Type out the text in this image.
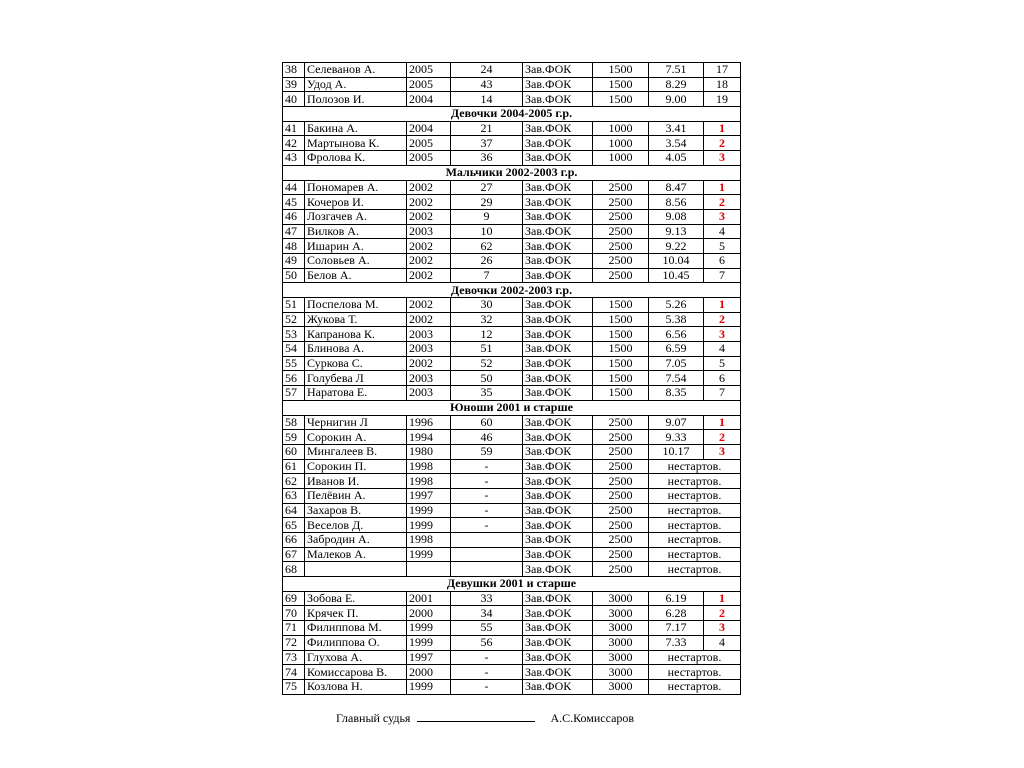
38	Селеванов А.	2005	24	Зав.ФОК	1500	7.51	17
39	Удод А.	2005	43	Зав.ФОК	1500	8.29	18
40	Полозов И.	2004	14	Зав.ФОК	1500	9.00	19
Девочки 2004-2005 г.р.							
41	Бакина А.	2004	21	Зав.ФОК	1000	3.41	1
42	Мартынова К.	2005	37	Зав.ФОК	1000	3.54	2
43	Фролова К.	2005	36	Зав.ФОК	1000	4.05	3
Мальчики 2002-2003 г.р.							
44	Пономарев А.	2002	27	Зав.ФОК	2500	8.47	1
45	Кочеров И.	2002	29	Зав.ФОК	2500	8.56	2
46	Лозгачев А.	2002	9	Зав.ФОК	2500	9.08	3
47	Вилков А.	2003	10	Зав.ФОК	2500	9.13	4
48	Ишарин А.	2002	62	Зав.ФОК	2500	9.22	5
49	Соловьев А.	2002	26	Зав.ФОК	2500	10.04	6
50	Белов А.	2002	7	Зав.ФОК	2500	10.45	7
Девочки 2002-2003 г.р.							
51	Поспелова М.	2002	30	Зав.ФОК	1500	5.26	1
52	Жукова Т.	2002	32	Зав.ФОК	1500	5.38	2
53	Капранова К.	2003	12	Зав.ФОК	1500	6.56	3
54	Блинова А.	2003	51	Зав.ФОК	1500	6.59	4
55	Суркова С.	2002	52	Зав.ФОК	1500	7.05	5
56	Голубева Л	2003	50	Зав.ФОК	1500	7.54	6
57	Наратова Е.	2003	35	Зав.ФОК	1500	8.35	7
Юноши 2001 и старше							
58	Чернигин Л	1996	60	Зав.ФОК	2500	9.07	1
59	Сорокин А.	1994	46	Зав.ФОК	2500	9.33	2
60	Мингалеев В.	1980	59	Зав.ФОК	2500	10.17	3
61	Сорокин П.	1998	-	Зав.ФОК	2500	нестартов.	
62	Иванов И.	1998	-	Зав.ФОК	2500	нестартов.	
63	Пелёвин А.	1997	-	Зав.ФОК	2500	нестартов.	
64	Захаров В.	1999	-	Зав.ФОК	2500	нестартов.	
65	Веселов Д.	1999	-	Зав.ФОК	2500	нестартов.	
66	Забродин А.	1998		Зав.ФОК	2500	нестартов.	
67	Малеков А.	1999		Зав.ФОК	2500	нестартов.	
68				Зав.ФОК	2500	нестартов.	
Девушки 2001 и старше							
69	Зобова Е.	2001	33	Зав.ФОК	3000	6.19	1
70	Крячек П.	2000	34	Зав.ФОК	3000	6.28	2
71	Филиппова М.	1999	55	Зав.ФОК	3000	7.17	3
72	Филиппова О.	1999	56	Зав.ФОК	3000	7.33	4
73	Глухова А.	1997	-	Зав.ФОК	3000	нестартов.	
74	Комиссарова В.	2000	-	Зав.ФОК	3000	нестартов.	
75	Козлова Н.	1999	-	Зав.ФОК	3000	нестартов.	
Главный судья	А.С.Комиссаров
